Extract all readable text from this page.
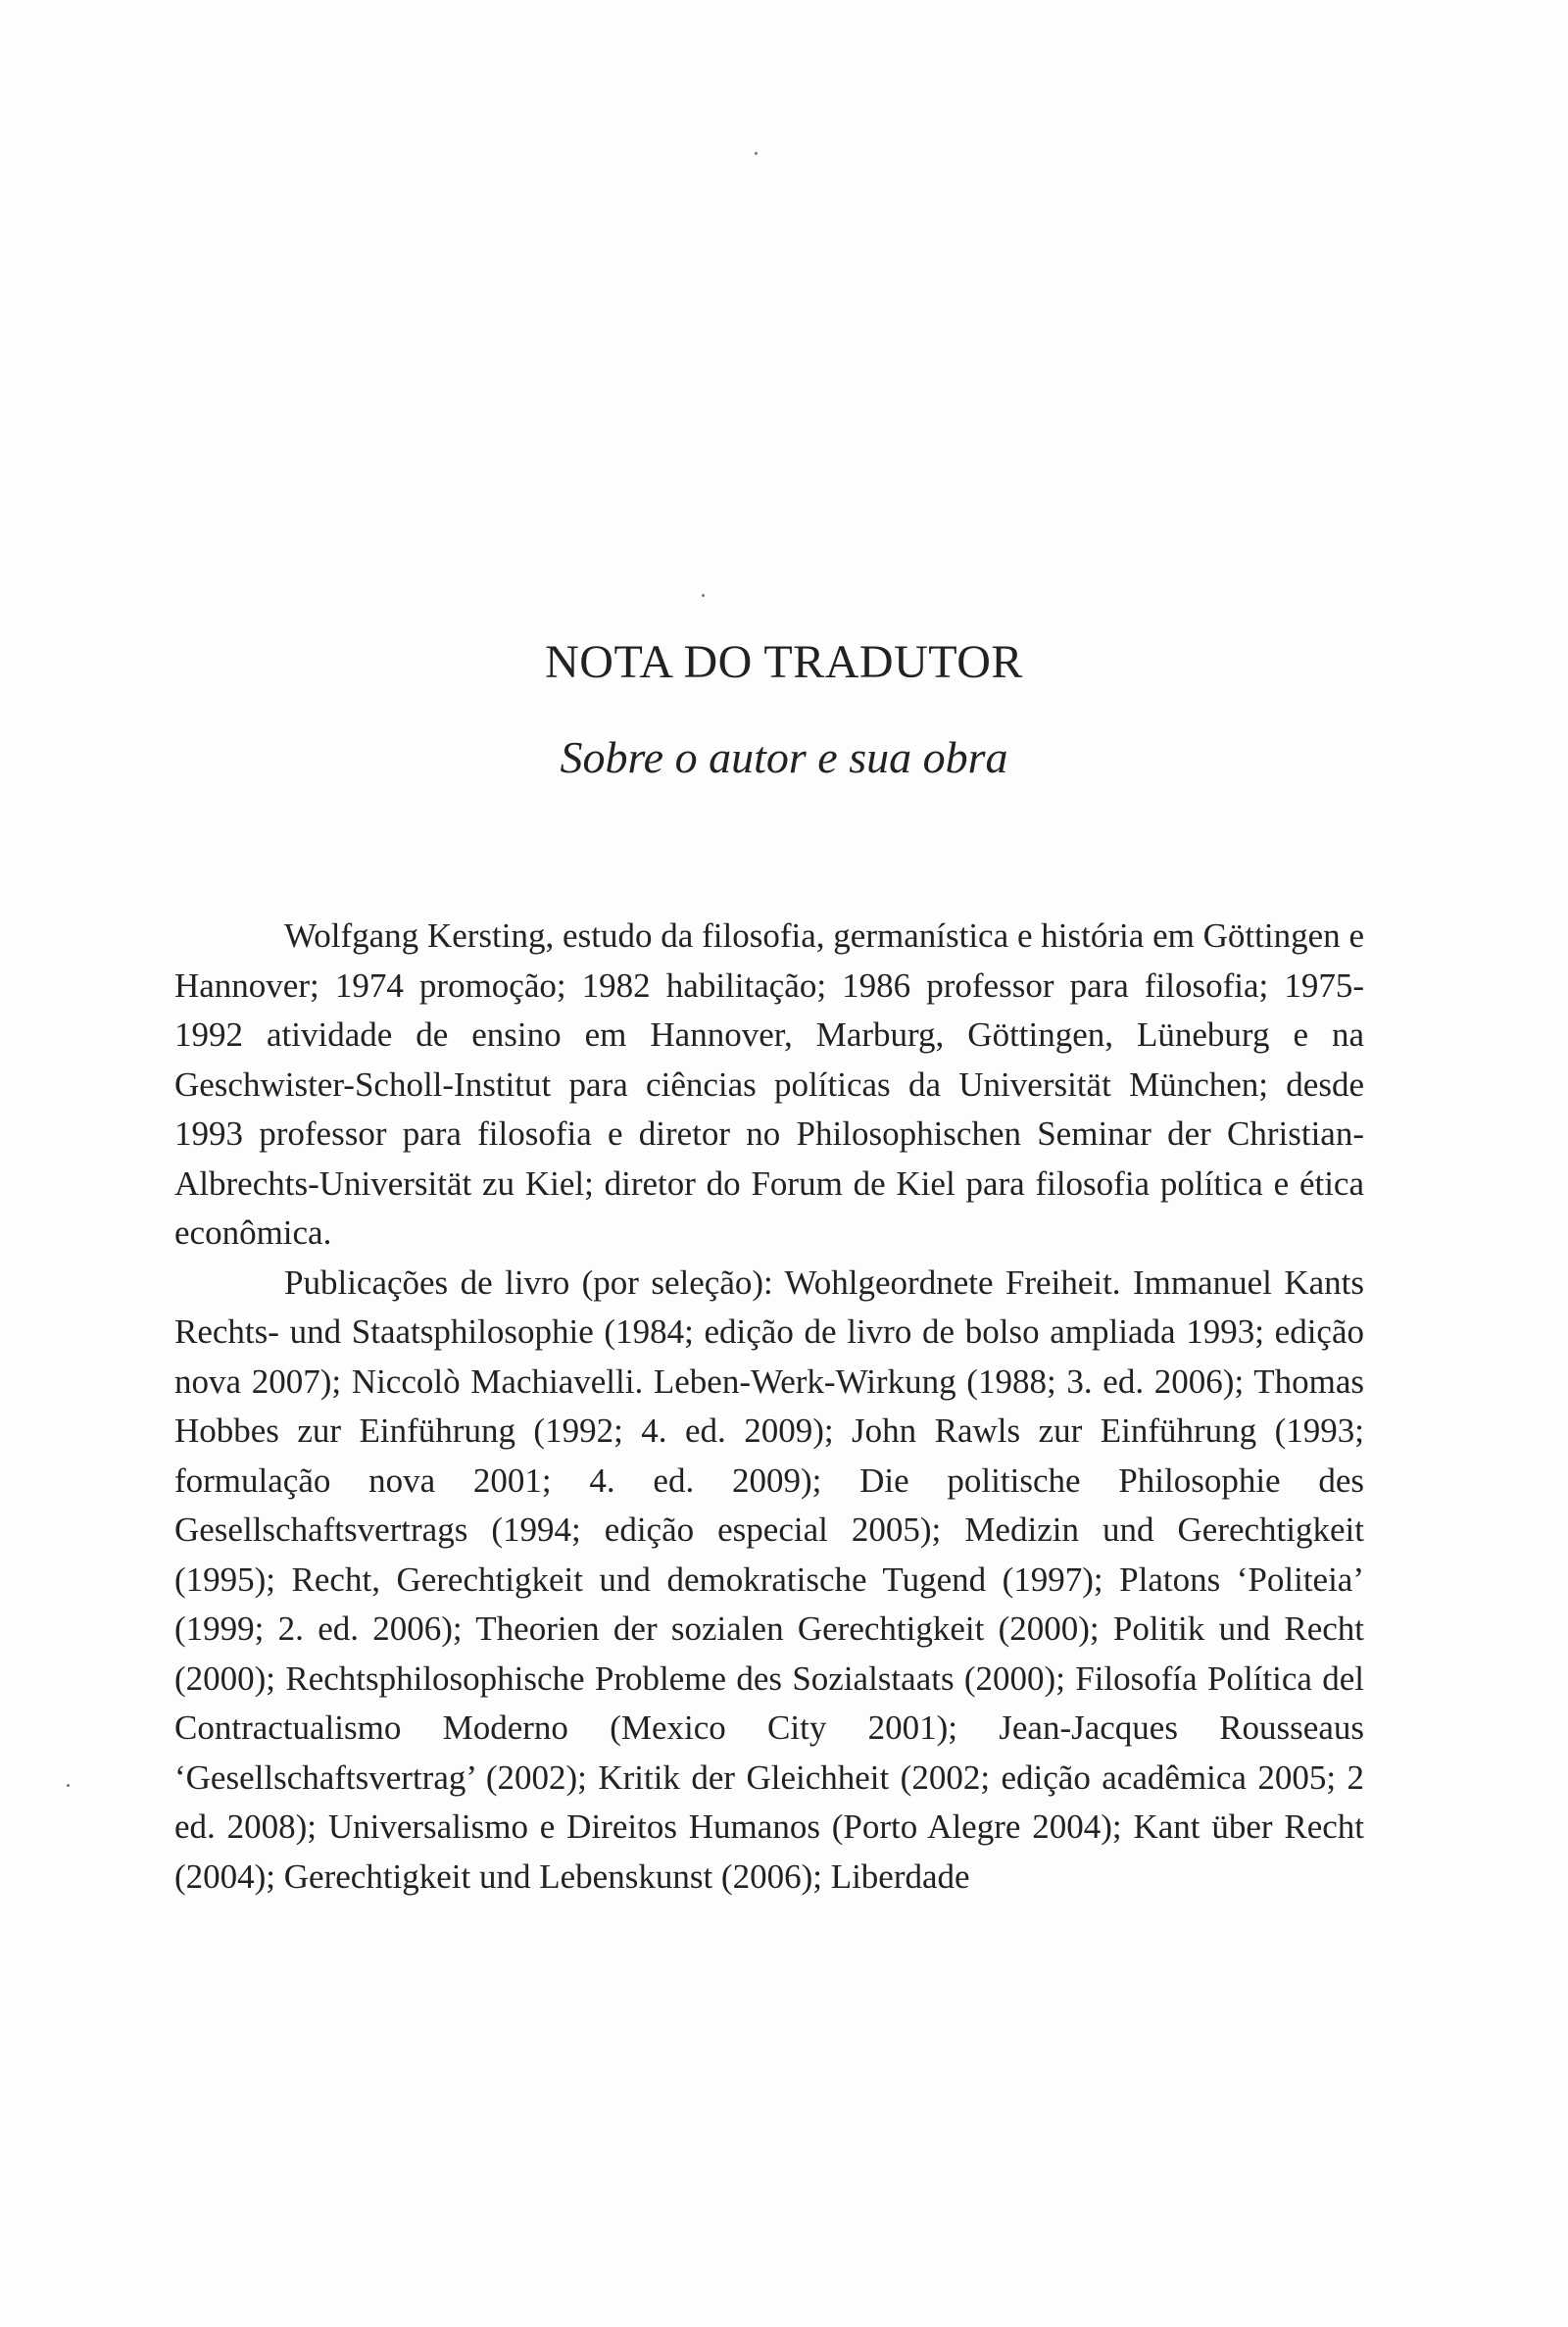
NOTA DO TRADUTOR
Sobre o autor e sua obra

Wolfgang Kersting, estudo da filosofia, germanística e história em Göttingen e Hannover; 1974 promoção; 1982 habilitação; 1986 professor para filosofia; 1975-1992 atividade de ensino em Hannover, Marburg, Göttingen, Lüneburg e na Geschwister-Scholl-Institut para ciências políticas da Universität München; desde 1993 professor para filosofia e diretor no Philosophischen Seminar der Christian-Albrechts-Universität zu Kiel; diretor do Forum de Kiel para filosofia política e ética econômica.

Publicações de livro (por seleção): Wohlgeordnete Freiheit. Immanuel Kants Rechts- und Staatsphilosophie (1984; edição de livro de bolso ampliada 1993; edição nova 2007); Niccolò Machiavelli. Leben-Werk-Wirkung (1988; 3. ed. 2006); Thomas Hobbes zur Einführung (1992; 4. ed. 2009); John Rawls zur Einführung (1993; formulação nova 2001; 4. ed. 2009); Die politische Philosophie des Gesellschaftsvertrags (1994; edição especial 2005); Medizin und Gerechtigkeit (1995); Recht, Gerechtigkeit und demokratische Tugend (1997); Platons ‘Politeia’ (1999; 2. ed. 2006); Theorien der sozialen Gerechtigkeit (2000); Politik und Recht (2000); Rechtsphilosophische Probleme des Sozialstaats (2000); Filosofía Política del Contractualismo Moderno (Mexico City 2001); Jean-Jacques Rousseaus ‘Gesellschaftsvertrag’ (2002); Kritik der Gleichheit (2002; edição acadêmica 2005; 2 ed. 2008); Universalismo e Direitos Humanos (Porto Alegre 2004); Kant über Recht (2004); Gerechtigkeit und Lebenskunst (2006); Liberdade
